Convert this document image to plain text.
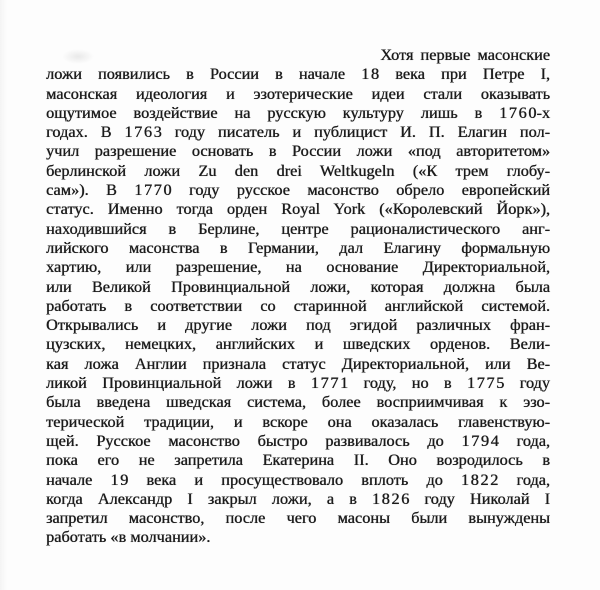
Хотя первые масонские
ложи появились в России в начале 18 века при Петре I,
масонская идеология и эзотерические идеи стали оказывать
ощутимое воздействие на русскую культуру лишь в 1760-х
годах. В 1763 году писатель и публицист И. П. Елагин пол-
учил разрешение основать в России ложи «под авторитетом»
берлинской ложи Zu den drei Weltkugeln («К трем глобу-
сам»). В 1770 году русское масонство обрело европейский
статус. Именно тогда орден Royal York («Королевский Йорк»),
находившийся в Берлине, центре рационалистического анг-
лийского масонства в Германии, дал Елагину формальную
хартию, или разрешение, на основание Директориальной,
или Великой Провинциальной ложи, которая должна была
работать в соответствии со старинной английской системой.
Открывались и другие ложи под эгидой различных фран-
цузских, немецких, английских и шведских орденов. Вели-
кая ложа Англии признала статус Директориальной, или Ве-
ликой Провинциальной ложи в 1771 году, но в 1775 году
была введена шведская система, более восприимчивая к эзо-
терической традиции, и вскоре она оказалась главенствую-
щей. Русское масонство быстро развивалось до 1794 года,
пока его не запретила Екатерина II. Оно возродилось в
начале 19 века и просуществовало вплоть до 1822 года,
когда Александр I закрыл ложи, а в 1826 году Николай I
запретил масонство, после чего масоны были вынуждены
работать «в молчании».
